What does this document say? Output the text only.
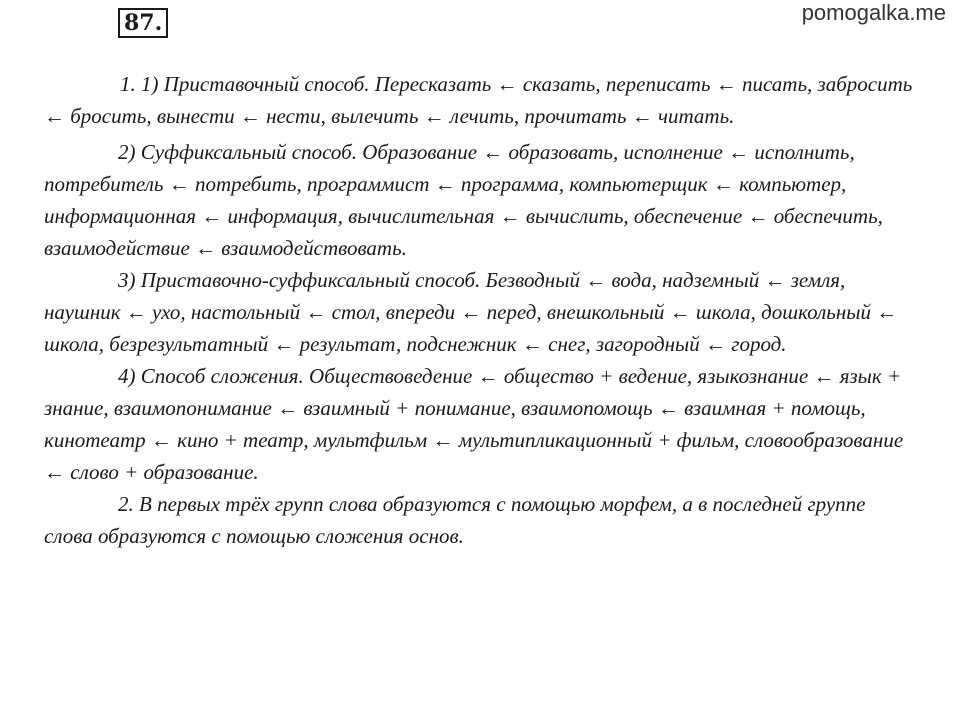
87.	pomogalka.me

1. 1) Приставочный способ. Пересказать ← сказать, переписать ← писать, забросить ← бросить, вынести ← нести, вылечить ← лечить, прочитать ← читать.

2) Суффиксальный способ. Образование ← образовать, исполнение ← исполнить, потребитель ← потребить, программист ← программа, компьютерщик ← компьютер, информационная ← информация, вычислительная ← вычислить, обеспечение ← обеспечить, взаимодействие ← взаимодействовать.

3) Приставочно-суффиксальный способ. Безводный ← вода, надземный ← земля, наушник ← ухо, настольный ← стол, впереди ← перед, внешкольный ← школа, дошкольный ← школа, безрезультатный ← результат, подснежник ← снег, загородный ← город.

4) Способ сложения. Обществоведение ← общество + ведение, языкознание ← язык + знание, взаимопонимание ← взаимный + понимание, взаимопомощь ← взаимная + помощь, кинотеатр ← кино + театр, мультфильм ← мультипликационный + фильм, словообразование ← слово + образование.

2. В первых трёх групп слова образуются с помощью морфем, а в последней группе слова образуются с помощью сложения основ.
